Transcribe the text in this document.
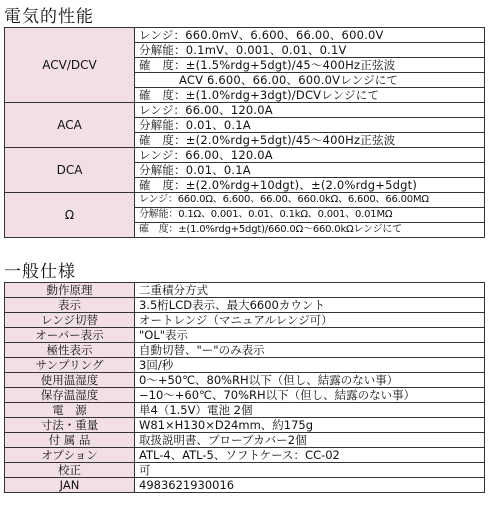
電気的性能
ACV/DCV	レンジ：660.0mV、6.600、66.00、600.0V
	分解能：0.1mV、0.001、0.01、0.1V
	確　度：±(1.5%rdg+5dgt)/45〜400Hz正弦波
	ACV 6.600、66.00、600.0Vレンジにて
	確　度：±(1.0%rdg+3dgt)/DCVレンジにて
ACA	レンジ：66.00、120.0A
	分解能：0.01、0.1A
	確　度：±(2.0%rdg+5dgt)/45〜400Hz正弦波
DCA	レンジ：66.00、120.0A
	分解能：0.01、0.1A
	確　度：±(2.0%rdg+10dgt)、±(2.0%rdg+5dgt)
Ω	レンジ：660.0Ω、6.600、66.00、660.0kΩ、6.600、66.00MΩ
	分解能：0.1Ω、0.001、0.01、0.1kΩ、0.001、0.01MΩ
	確　度：±(1.0%rdg+5dgt)/660.0Ω〜660.0kΩレンジにて
一般仕様
動作原理	二重積分方式
表示	3.5桁LCD表示、最大6600カウント
レンジ切替	オートレンジ（マニュアルレンジ可）
オーバー表示	"OL"表示
極性表示	自動切替、"ー"のみ表示
サンプリング	3回/秒
使用温湿度	0〜+50℃、80%RH以下（但し、結露のない事）
保存温湿度	−10〜+60℃、70%RH以下（但し、結露のない事）
電　源	単4（1.5V）電池 2個
寸法・重量	W81×H130×D24mm、約175g
付 属 品	取扱説明書、プローブカバー2個
オプション	ATL-4、ATL-5、ソフトケース：CC-02
校正	可
JAN	4983621930016
